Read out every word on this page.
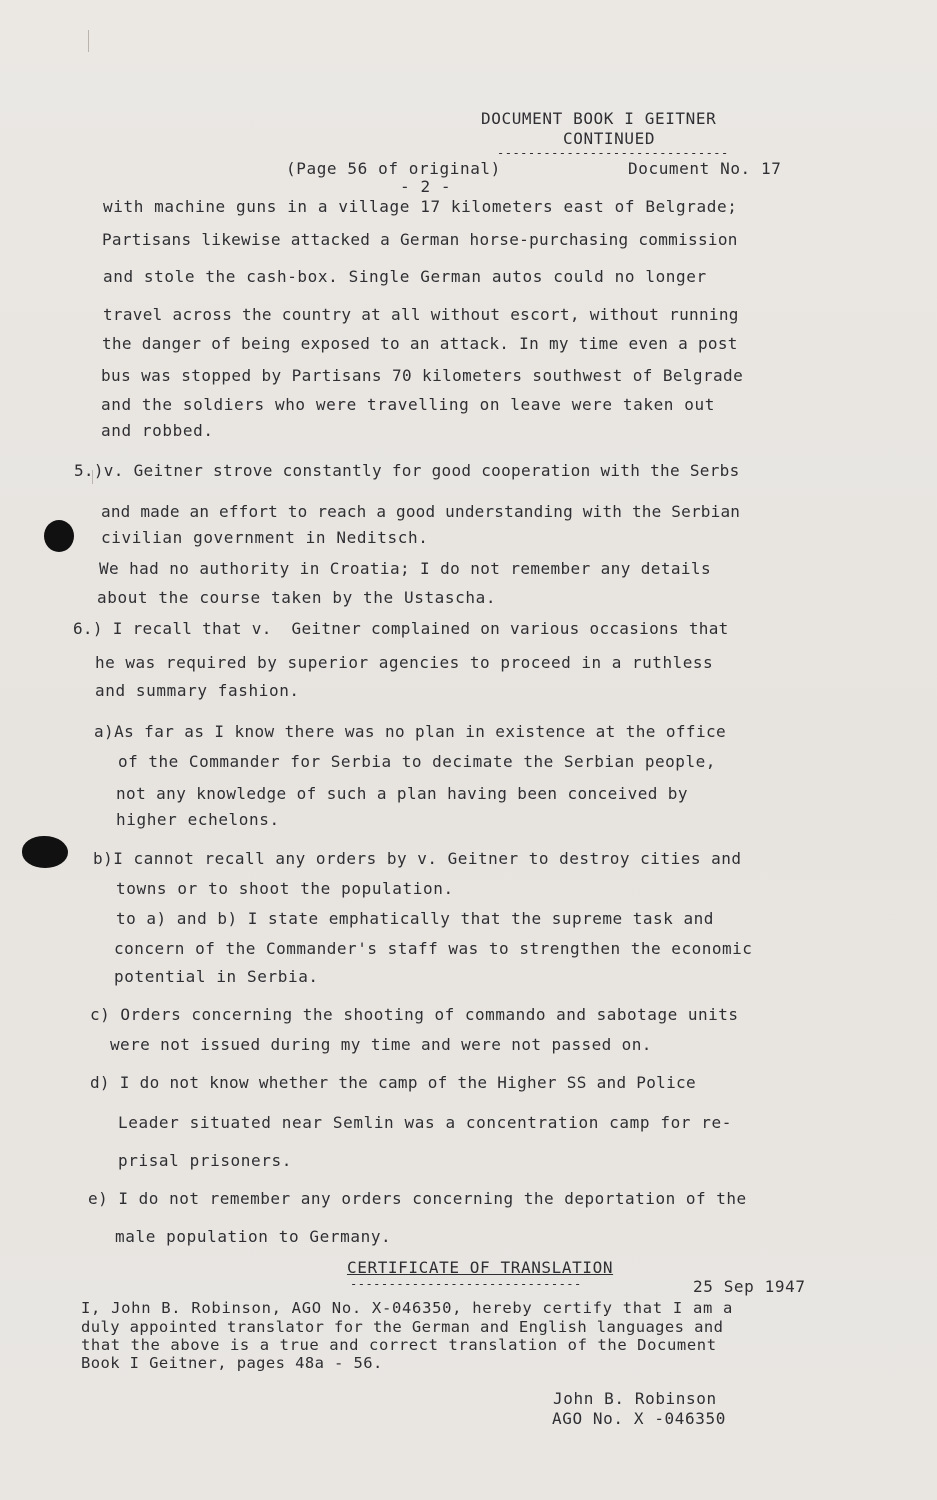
DOCUMENT BOOK I GEITNER
CONTINUED
------------------------------
(Page 56 of original)	Document No. 17
- 2 -
with machine guns in a village 17 kilometers east of Belgrade;
Partisans likewise attacked a German horse-purchasing commission
and stole the cash-box. Single German autos could no longer
travel across the country at all without escort, without running
the danger of being exposed to an attack. In my time even a post
bus was stopped by Partisans 70 kilometers southwest of Belgrade
and the soldiers who were travelling on leave were taken out
and robbed.
5.)v. Geitner strove constantly for good cooperation with the Serbs
and made an effort to reach a good understanding with the Serbian
civilian government in Neditsch.
We had no authority in Croatia; I do not remember any details
about the course taken by the Ustascha.
6.) I recall that v.  Geitner complained on various occasions that
he was required by superior agencies to proceed in a ruthless
and summary fashion.
a)As far as I know there was no plan in existence at the office
of the Commander for Serbia to decimate the Serbian people,
not any knowledge of such a plan having been conceived by
higher echelons.
b)I cannot recall any orders by v. Geitner to destroy cities and
towns or to shoot the population.
to a) and b) I state emphatically that the supreme task and
concern of the Commander's staff was to strengthen the economic
potential in Serbia.
c) Orders concerning the shooting of commando and sabotage units
were not issued during my time and were not passed on.
d) I do not know whether the camp of the Higher SS and Police
Leader situated near Semlin was a concentration camp for re-
prisal prisoners.
e) I do not remember any orders concerning the deportation of the
male population to Germany.
CERTIFICATE OF TRANSLATION
------------------------------	25 Sep 1947
I, John B. Robinson, AGO No. X-046350, hereby certify that I am a
duly appointed translator for the German and English languages and
that the above is a true and correct translation of the Document
Book I Geitner, pages 48a - 56.
John B. Robinson
AGO No. X -046350
